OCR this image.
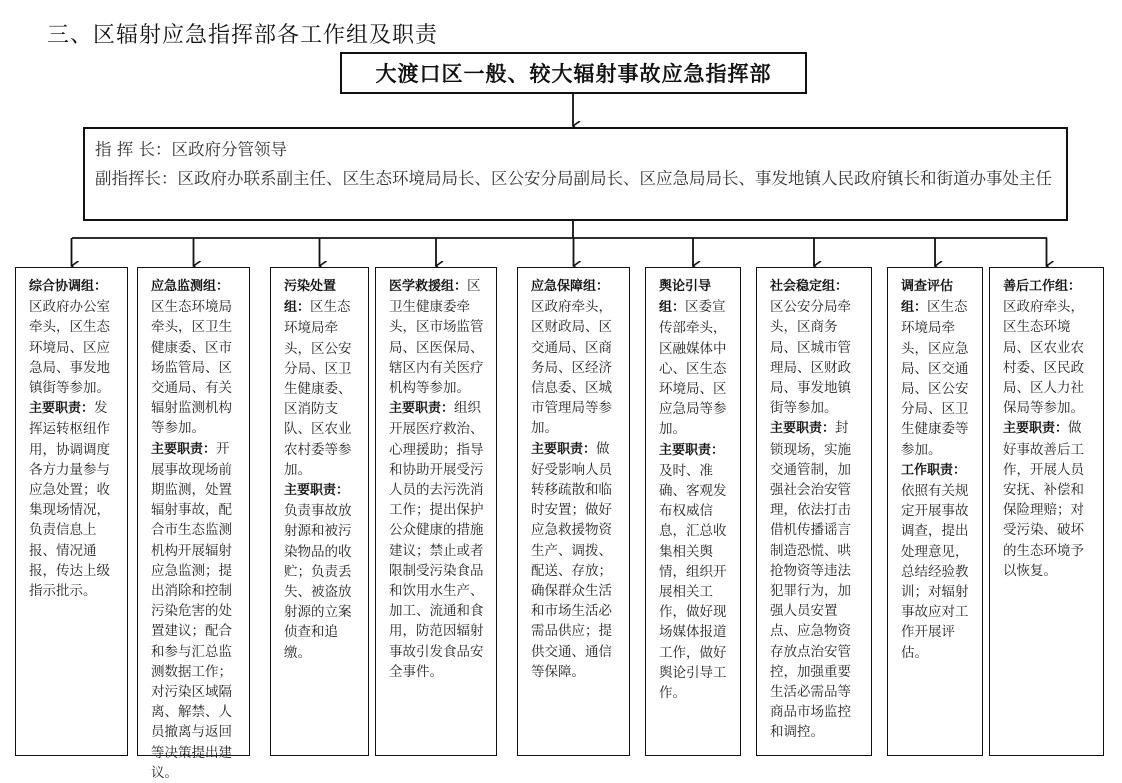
三、区辐射应急指挥部各工作组及职责
大渡口区一般、较大辐射事故应急指挥部
指 挥 长：区政府分管领导
副指挥长：区政府办联系副主任、区生态环境局局长、区公安分局副局长、区应急局局长、事发地镇人民政府镇长和街道办事处主任
综合协调组：区政府办公室牵头，区生态环境局、区应急局、事发地镇街等参加。
主要职责：发挥运转枢纽作用，协调调度各方力量参与应急处置；收集现场情况，负责信息上报、情况通报，传达上级指示批示。
应急监测组：区生态环境局牵头，区卫生健康委、区市场监管局、区交通局、有关辐射监测机构等参加。
主要职责：开展事故现场前期监测，处置辐射事故，配合市生态监测机构开展辐射应急监测；提出消除和控制污染危害的处置建议；配合和参与汇总监测数据工作；对污染区域隔离、解禁、人员撤离与返回等决策提出建议。
污染处置组：区生态环境局牵头，区公安分局、区卫生健康委、区消防支队、区农业农村委等参加。
主要职责：负责事故放射源和被污染物品的收贮；负责丢失、被盗放射源的立案侦查和追缴。
医学救援组：区卫生健康委牵头，区市场监管局、区医保局、辖区内有关医疗机构等参加。
主要职责：组织开展医疗救治、心理援助；指导和协助开展受污人员的去污洗消工作；提出保护公众健康的措施建议；禁止或者限制受污染食品和饮用水生产、加工、流通和食用，防范因辐射事故引发食品安全事件。
应急保障组：区政府牵头，区财政局、区交通局、区商务局、区经济信息委、区城市管理局等参加。
主要职责：做好受影响人员转移疏散和临时安置；做好应急救援物资生产、调拨、配送、存放；确保群众生活和市场生活必需品供应；提供交通、通信等保障。
舆论引导组：区委宣传部牵头，区融媒体中心、区生态环境局、区应急局等参加。
主要职责：及时、准确、客观发布权威信息，汇总收集相关舆情，组织开展相关工作，做好现场媒体报道工作，做好舆论引导工作。
社会稳定组：区公安分局牵头，区商务局、区城市管理局、区财政局、事发地镇街等参加。
主要职责：封锁现场，实施交通管制，加强社会治安管理，依法打击借机传播谣言制造恐慌、哄抢物资等违法犯罪行为，加强人员安置点、应急物资存放点治安管控，加强重要生活必需品等商品市场监控和调控。
调查评估组：区生态环境局牵头，区应急局、区交通局、区公安分局、区卫生健康委等参加。
工作职责：依照有关规定开展事故调查，提出处理意见，总结经验教训；对辐射事故应对工作开展评估。
善后工作组：区政府牵头，区生态环境局、区农业农村委、区民政局、区人力社保局等参加。
主要职责：做好事故善后工作，开展人员安抚、补偿和保险理赔；对受污染、破坏的生态环境予以恢复。
